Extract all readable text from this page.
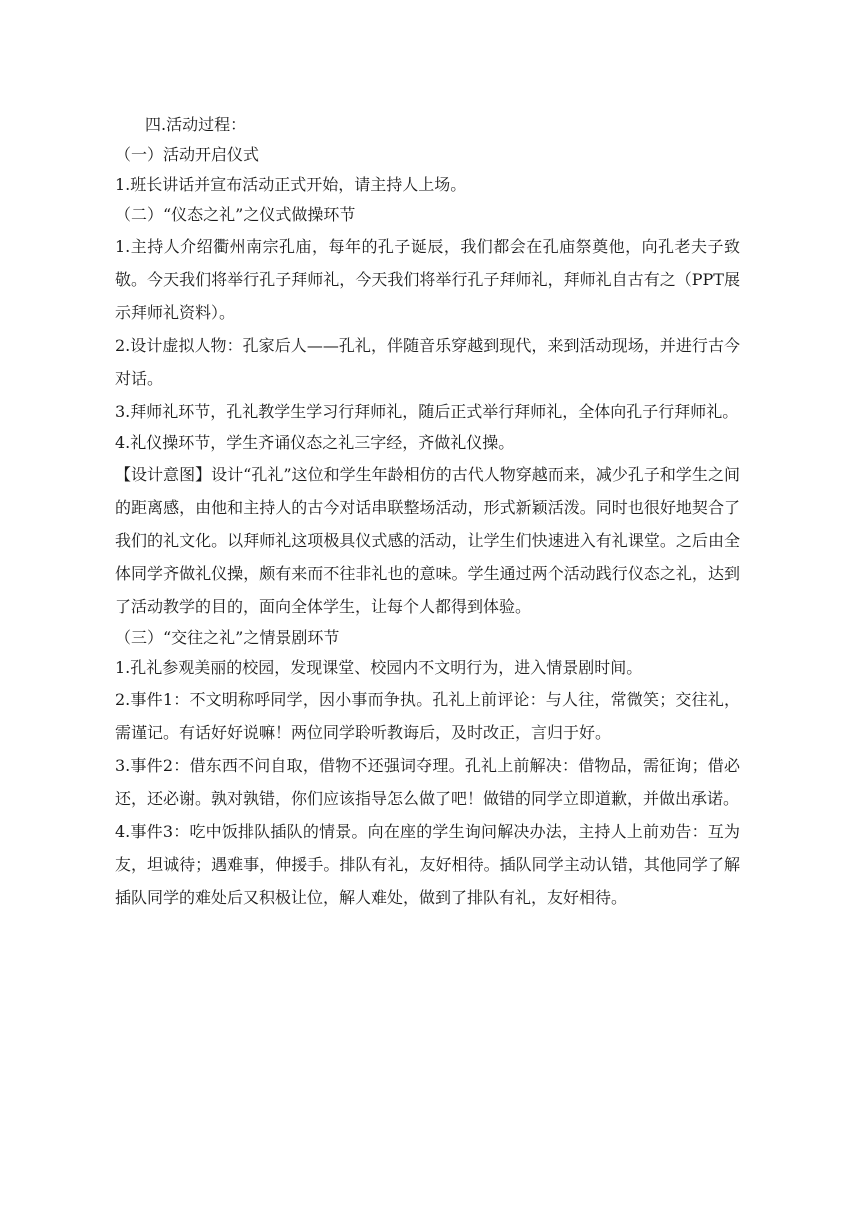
四.活动过程：
（一）活动开启仪式
1.班长讲话并宣布活动正式开始，请主持人上场。
（二）“仪态之礼”之仪式做操环节
1.主持人介绍衢州南宗孔庙，每年的孔子诞辰，我们都会在孔庙祭奠他，向孔老夫子致敬。今天我们将举行孔子拜师礼，今天我们将举行孔子拜师礼，拜师礼自古有之（PPT展示拜师礼资料）。
2.设计虚拟人物：孔家后人——孔礼，伴随音乐穿越到现代，来到活动现场，并进行古今对话。
3.拜师礼环节，孔礼教学生学习行拜师礼，随后正式举行拜师礼，全体向孔子行拜师礼。
4.礼仪操环节，学生齐诵仪态之礼三字经，齐做礼仪操。
【设计意图】设计“孔礼”这位和学生年龄相仿的古代人物穿越而来，减少孔子和学生之间的距离感，由他和主持人的古今对话串联整场活动，形式新颖活泼。同时也很好地契合了我们的礼文化。以拜师礼这项极具仪式感的活动，让学生们快速进入有礼课堂。之后由全体同学齐做礼仪操，颇有来而不往非礼也的意味。学生通过两个活动践行仪态之礼，达到了活动教学的目的，面向全体学生，让每个人都得到体验。
（三）“交往之礼”之情景剧环节
1.孔礼参观美丽的校园，发现课堂、校园内不文明行为，进入情景剧时间。
2.事件1：不文明称呼同学，因小事而争执。孔礼上前评论：与人往，常微笑；交往礼，需谨记。有话好好说嘛！两位同学聆听教诲后，及时改正，言归于好。
3.事件2：借东西不问自取，借物不还强词夺理。孔礼上前解决：借物品，需征询；借必还，还必谢。孰对孰错，你们应该指导怎么做了吧！做错的同学立即道歉，并做出承诺。
4.事件3：吃中饭排队插队的情景。向在座的学生询问解决办法，主持人上前劝告：互为友，坦诚待；遇难事，伸援手。排队有礼，友好相待。插队同学主动认错，其他同学了解插队同学的难处后又积极让位，解人难处，做到了排队有礼，友好相待。
